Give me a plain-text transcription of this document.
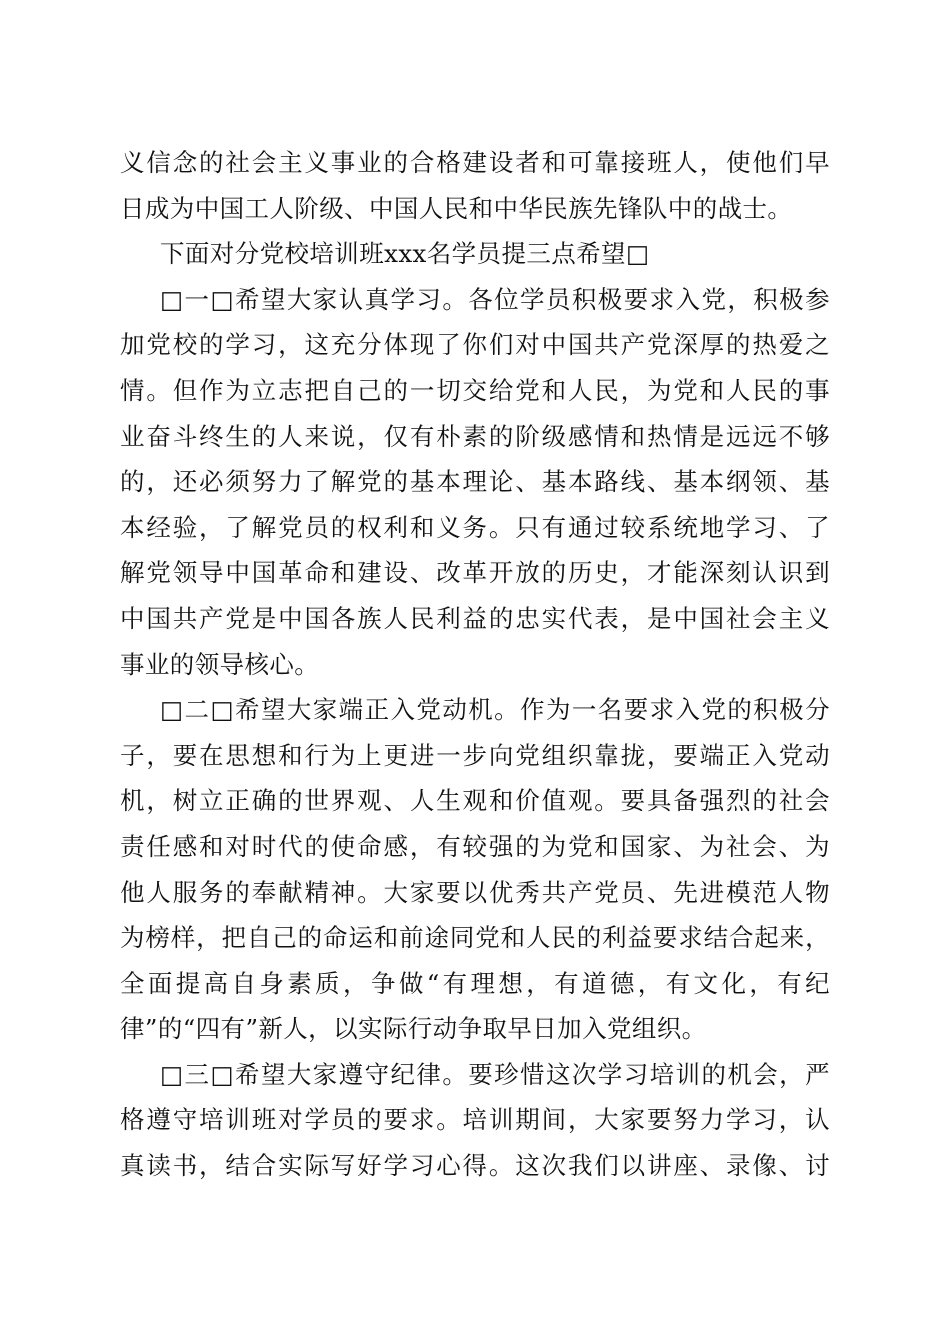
义信念的社会主义事业的合格建设者和可靠接班人，使他们早
日成为中国工人阶级、中国人民和中华民族先锋队中的战士。
下面对分党校培训班xxx名学员提三点希望□
□一□希望大家认真学习。各位学员积极要求入党，积极参
加党校的学习，这充分体现了你们对中国共产党深厚的热爱之
情。但作为立志把自己的一切交给党和人民，为党和人民的事
业奋斗终生的人来说，仅有朴素的阶级感情和热情是远远不够
的，还必须努力了解党的基本理论、基本路线、基本纲领、基
本经验，了解党员的权利和义务。只有通过较系统地学习、了
解党领导中国革命和建设、改革开放的历史，才能深刻认识到
中国共产党是中国各族人民利益的忠实代表，是中国社会主义
事业的领导核心。
□二□希望大家端正入党动机。作为一名要求入党的积极分
子，要在思想和行为上更进一步向党组织靠拢，要端正入党动
机，树立正确的世界观、人生观和价值观。要具备强烈的社会
责任感和对时代的使命感，有较强的为党和国家、为社会、为
他人服务的奉献精神。大家要以优秀共产党员、先进模范人物
为榜样，把自己的命运和前途同党和人民的利益要求结合起来，
全面提高自身素质，争做“有理想，有道德，有文化，有纪
律”的“四有”新人，以实际行动争取早日加入党组织。
□三□希望大家遵守纪律。要珍惜这次学习培训的机会，严
格遵守培训班对学员的要求。培训期间，大家要努力学习，认
真读书，结合实际写好学习心得。这次我们以讲座、录像、讨
